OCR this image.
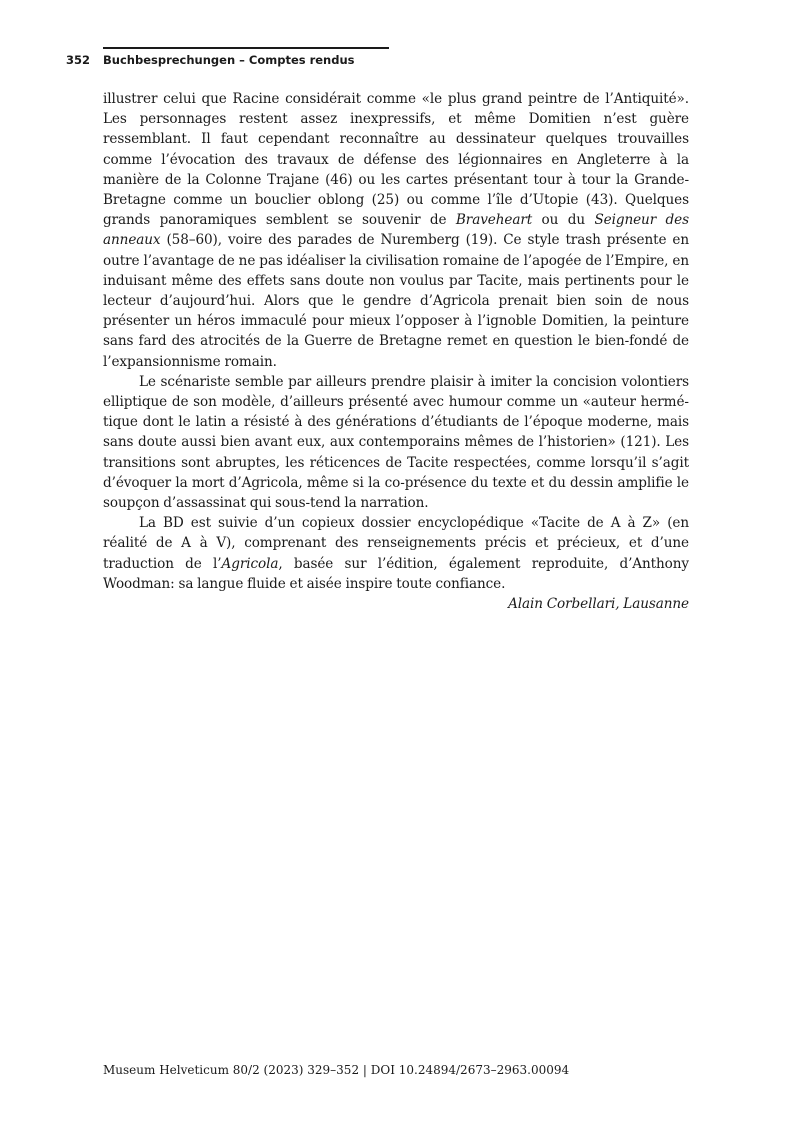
352 Buchbesprechungen – Comptes rendus

illustrer celui que Racine considérait comme «le plus grand peintre de l’Antiquité». Les personnages restent assez inexpressifs, et même Domitien n’est guère ressemblant. Il faut cependant reconnaître au dessinateur quelques trouvailles comme l’évocation des travaux de défense des légionnaires en Angleterre à la manière de la Colonne Trajane (46) ou les cartes présentant tour à tour la Grande-Bretagne comme un bouclier oblong (25) ou comme l’île d’Utopie (43). Quelques grands panoramiques semblent se souvenir de Braveheart ou du Seigneur des anneaux (58–60), voire des parades de Nuremberg (19). Ce style trash présente en outre l’avantage de ne pas idéaliser la civilisation romaine de l’apogée de l’Empire, en induisant même des effets sans doute non voulus par Tacite, mais pertinents pour le lecteur d’aujourd’hui. Alors que le gendre d’Agricola prenait bien soin de nous présenter un héros immaculé pour mieux l’opposer à l’ignoble Domitien, la peinture sans fard des atrocités de la Guerre de Bretagne remet en question le bien-fondé de l’expansionnisme romain.

Le scénariste semble par ailleurs prendre plaisir à imiter la concision volontiers elliptique de son modèle, d’ailleurs présenté avec humour comme un «auteur hermétique dont le latin a résisté à des générations d’étudiants de l’époque moderne, mais sans doute aussi bien avant eux, aux contemporains mêmes de l’historien» (121). Les transitions sont abruptes, les réticences de Tacite respectées, comme lorsqu’il s’agit d’évoquer la mort d’Agricola, même si la co-présence du texte et du dessin amplifie le soupçon d’assassinat qui sous-tend la narration.

La BD est suivie d’un copieux dossier encyclopédique «Tacite de A à Z» (en réalité de A à V), comprenant des renseignements précis et précieux, et d’une traduction de l’Agricola, basée sur l’édition, également reproduite, d’Anthony Woodman: sa langue fluide et aisée inspire toute confiance.

Alain Corbellari, Lausanne

Museum Helveticum 80/2 (2023) 329–352 | DOI 10.24894/2673–2963.00094
